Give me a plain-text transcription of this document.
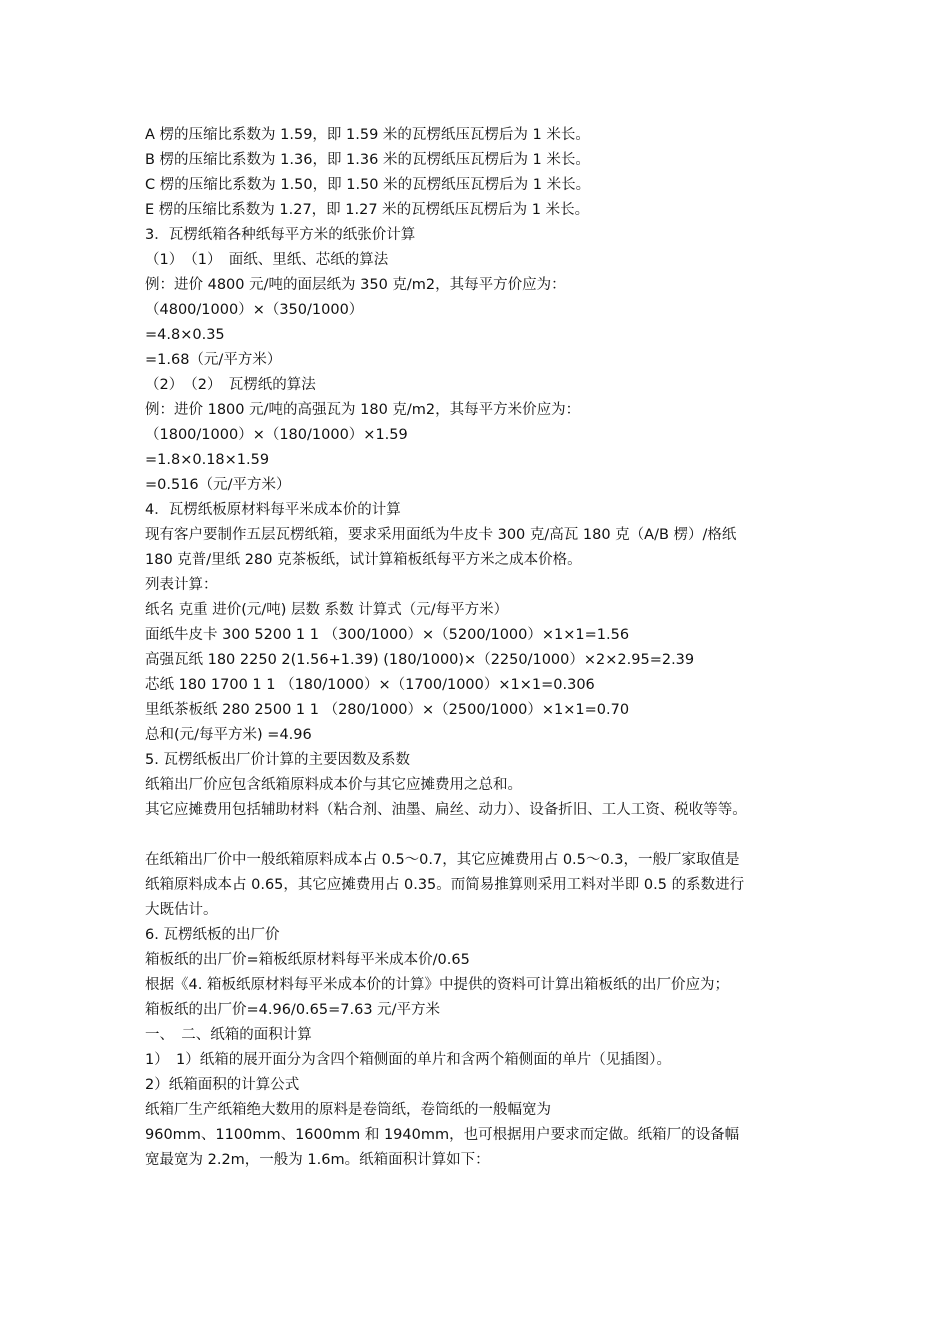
A 楞的压缩比系数为 1.59，即 1.59 米的瓦楞纸压瓦楞后为 1 米长。
B 楞的压缩比系数为 1.36，即 1.36 米的瓦楞纸压瓦楞后为 1 米长。
C 楞的压缩比系数为 1.50，即 1.50 米的瓦楞纸压瓦楞后为 1 米长。
E 楞的压缩比系数为 1.27，即 1.27 米的瓦楞纸压瓦楞后为 1 米长。
3．瓦楞纸箱各种纸每平方米的纸张价计算
（1）　（1）　面纸、里纸、芯纸的算法
例：进价 4800 元/吨的面层纸为 350 克/m2，其每平方价应为：
（4800/1000）×（350/1000）
=4.8×0.35
=1.68（元/平方米）
（2）　（2）　瓦楞纸的算法
例：进价 1800 元/吨的高强瓦为 180 克/m2，其每平方米价应为：
（1800/1000）×（180/1000）×1.59
=1.8×0.18×1.59
=0.516（元/平方米）
4．瓦楞纸板原材料每平米成本价的计算
现有客户要制作五层瓦楞纸箱，要求采用面纸为牛皮卡 300 克/高瓦 180 克（A/B 楞）/格纸
180 克普/里纸 280 克茶板纸，试计算箱板纸每平方米之成本价格。
列表计算：
纸名 克重 进价(元/吨) 层数 系数 计算式（元/每平方米）
面纸牛皮卡 300 5200 1 1 （300/1000）×（5200/1000）×1×1=1.56
高强瓦纸 180 2250 2(1.56+1.39) (180/1000)×（2250/1000）×2×2.95=2.39
芯纸 180 1700 1 1 （180/1000）×（1700/1000）×1×1=0.306
里纸茶板纸 280 2500 1 1 （280/1000）×（2500/1000）×1×1=0.70
总和(元/每平方米) =4.96
5. 瓦楞纸板出厂价计算的主要因数及系数
纸箱出厂价应包含纸箱原料成本价与其它应摊费用之总和。
其它应摊费用包括辅助材料（粘合剂、油墨、扁丝、动力）、设备折旧、工人工资、税收等等。
在纸箱出厂价中一般纸箱原料成本占 0.5～0.7，其它应摊费用占 0.5～0.3，一般厂家取值是
纸箱原料成本占 0.65，其它应摊费用占 0.35。而简易推算则采用工料对半即 0.5 的系数进行
大既估计。
6. 瓦楞纸板的出厂价
箱板纸的出厂价=箱板纸原材料每平米成本价/0.65
根据《4. 箱板纸原材料每平米成本价的计算》中提供的资料可计算出箱板纸的出厂价应为；
箱板纸的出厂价=4.96/0.65=7.63 元/平方米
一、　二、纸箱的面积计算
1）　1）纸箱的展开面分为含四个箱侧面的单片和含两个箱侧面的单片（见插图）。
2）纸箱面积的计算公式
纸箱厂生产纸箱绝大数用的原料是卷筒纸，卷筒纸的一般幅宽为
960mm、1100mm、1600mm 和 1940mm，也可根据用户要求而定做。纸箱厂的设备幅
宽最宽为 2.2m，一般为 1.6m。纸箱面积计算如下：
